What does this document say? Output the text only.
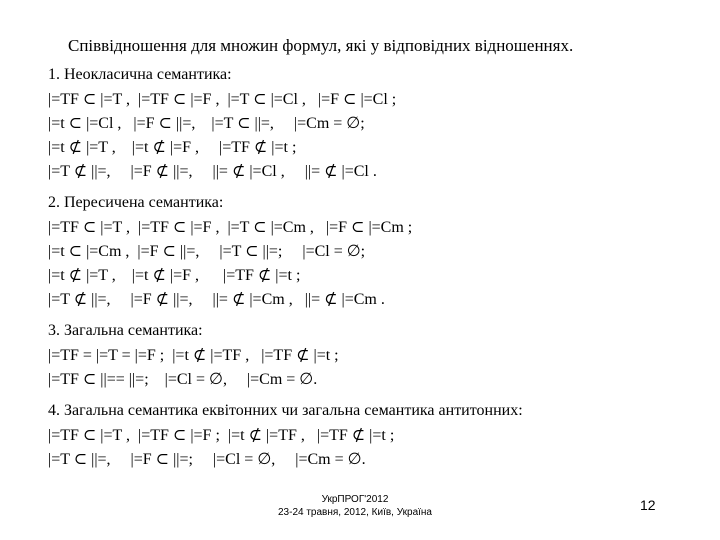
Співвідношення для множин формул, які у відповідних відношеннях.
1. Неокласична семантика:
|=TF ⊂ |=T ,  |=TF ⊂ |=F ,  |=T ⊂ |=Cl ,   |=F ⊂ |=Cl ;
|=t ⊂ |=Cl ,   |=F ⊂ ||=,    |=T ⊂ ||=,     |=Cm = ∅;
|=t ⊄ |=T ,    |=t ⊄ |=F ,     |=TF ⊄ |=t ;
|=T ⊄ ||=,     |=F ⊄ ||=,     ||= ⊄ |=Cl ,     ||= ⊄ |=Cl .
2. Пересичена семантика:
|=TF ⊂ |=T ,  |=TF ⊂ |=F ,  |=T ⊂ |=Cm ,   |=F ⊂ |=Cm ;
|=t ⊂ |=Cm ,  |=F ⊂ ||=,     |=T ⊂ ||=;     |=Cl = ∅;
|=t ⊄ |=T ,    |=t ⊄ |=F ,      |=TF ⊄ |=t ;
|=T ⊄ ||=,     |=F ⊄ ||=,     ||= ⊄ |=Cm ,   ||= ⊄ |=Cm .
3. Загальна семантика:
|=TF = |=T = |=F ;  |=t ⊄ |=TF ,   |=TF ⊄ |=t ;
|=TF ⊂ ||== ||=;    |=Cl = ∅,     |=Cm = ∅.
4. Загальна семантика еквітонних чи загальна семантика антитонних:
|=TF ⊂ |=T ,  |=TF ⊂ |=F ;  |=t ⊄ |=TF ,   |=TF ⊄ |=t ;
|=T ⊂ ||=,     |=F ⊂ ||=;     |=Cl = ∅,     |=Cm = ∅.
УкрПРОГ'2012
23-24 травня, 2012, Київ, Україна	12
